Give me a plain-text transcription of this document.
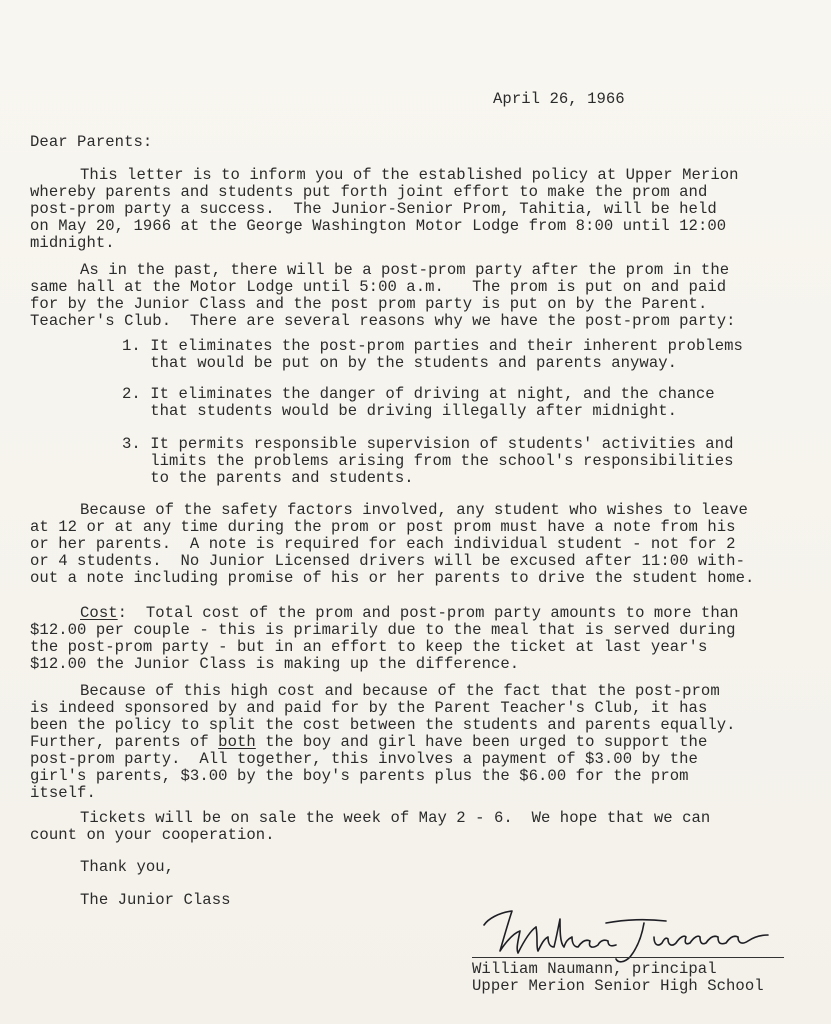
April 26, 1966
Dear Parents:
This letter is to inform you of the established policy at Upper Merion
whereby parents and students put forth joint effort to make the prom and
post-prom party a success.  The Junior-Senior Prom, Tahitia, will be held
on May 20, 1966 at the George Washington Motor Lodge from 8:00 until 12:00
midnight.
As in the past, there will be a post-prom party after the prom in the
same hall at the Motor Lodge until 5:00 a.m.   The prom is put on and paid
for by the Junior Class and the post prom party is put on by the Parent.
Teacher's Club.  There are several reasons why we have the post-prom party:
1. It eliminates the post-prom parties and their inherent problems
that would be put on by the students and parents anyway.
2. It eliminates the danger of driving at night, and the chance
that students would be driving illegally after midnight.
3. It permits responsible supervision of students' activities and
limits the problems arising from the school's responsibilities
to the parents and students.
Because of the safety factors involved, any student who wishes to leave
at 12 or at any time during the prom or post prom must have a note from his
or her parents.  A note is required for each individual student - not for 2
or 4 students.  No Junior Licensed drivers will be excused after 11:00 with-
out a note including promise of his or her parents to drive the student home.
Cost:  Total cost of the prom and post-prom party amounts to more than
$12.00 per couple - this is primarily due to the meal that is served during
the post-prom party - but in an effort to keep the ticket at last year's
$12.00 the Junior Class is making up the difference.
Because of this high cost and because of the fact that the post-prom
is indeed sponsored by and paid for by the Parent Teacher's Club, it has
been the policy to split the cost between the students and parents equally.
Further, parents of both the boy and girl have been urged to support the
post-prom party.  All together, this involves a payment of $3.00 by the
girl's parents, $3.00 by the boy's parents plus the $6.00 for the prom
itself.
Tickets will be on sale the week of May 2 - 6.  We hope that we can
count on your cooperation.
Thank you,
The Junior Class
William Naumann, principal
Upper Merion Senior High School
